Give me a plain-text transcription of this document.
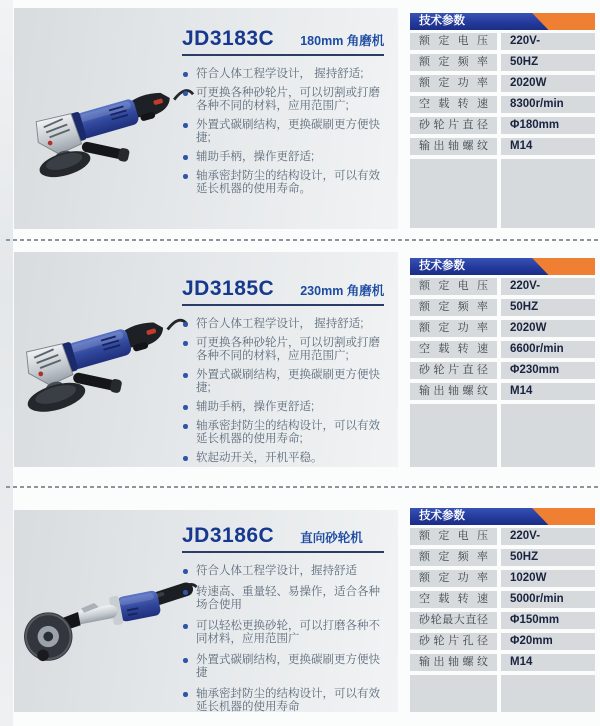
JD3183C 180mm 角磨机
符合人体工程学设计， 握持舒适;
可更换各种砂轮片，可以切割或打磨各种不同的材料，应用范围广;
外置式碳刷结构，更换碳刷更方便快捷;
辅助手柄，操作更舒适;
轴承密封防尘的结构设计，可以有效延长机器的使用寿命。
技术参数
额定电压	220V-
额定频率	50HZ
额定功率	2020W
空载转速	8300r/min
砂轮片直径	Φ180mm
输出轴螺纹	M14
JD3185C 230mm 角磨机
符合人体工程学设计， 握持舒适;
可更换各种砂轮片，可以切割或打磨各种不同的材料，应用范围广;
外置式碳刷结构，更换碳刷更方便快捷;
辅助手柄，操作更舒适;
轴承密封防尘的结构设计，可以有效延长机器的使用寿命;
软起动开关，开机平稳。
技术参数
额定电压	220V-
额定频率	50HZ
额定功率	2020W
空载转速	6600r/min
砂轮片直径	Φ230mm
输出轴螺纹	M14
JD3186C 直向砂轮机
符合人体工程学设计，握持舒适
转速高、重量轻、易操作，适合各种场合使用
可以轻松更换砂轮，可以打磨各种不同材料，应用范围广
外置式碳刷结构，更换碳刷更方便快捷
轴承密封防尘的结构设计，可以有效延长机器的使用寿命
技术参数
额定电压	220V-
额定频率	50HZ
额定功率	1020W
空载转速	5000r/min
砂轮最大直径	Φ150mm
砂轮片孔径	Φ20mm
输出轴螺纹	M14
